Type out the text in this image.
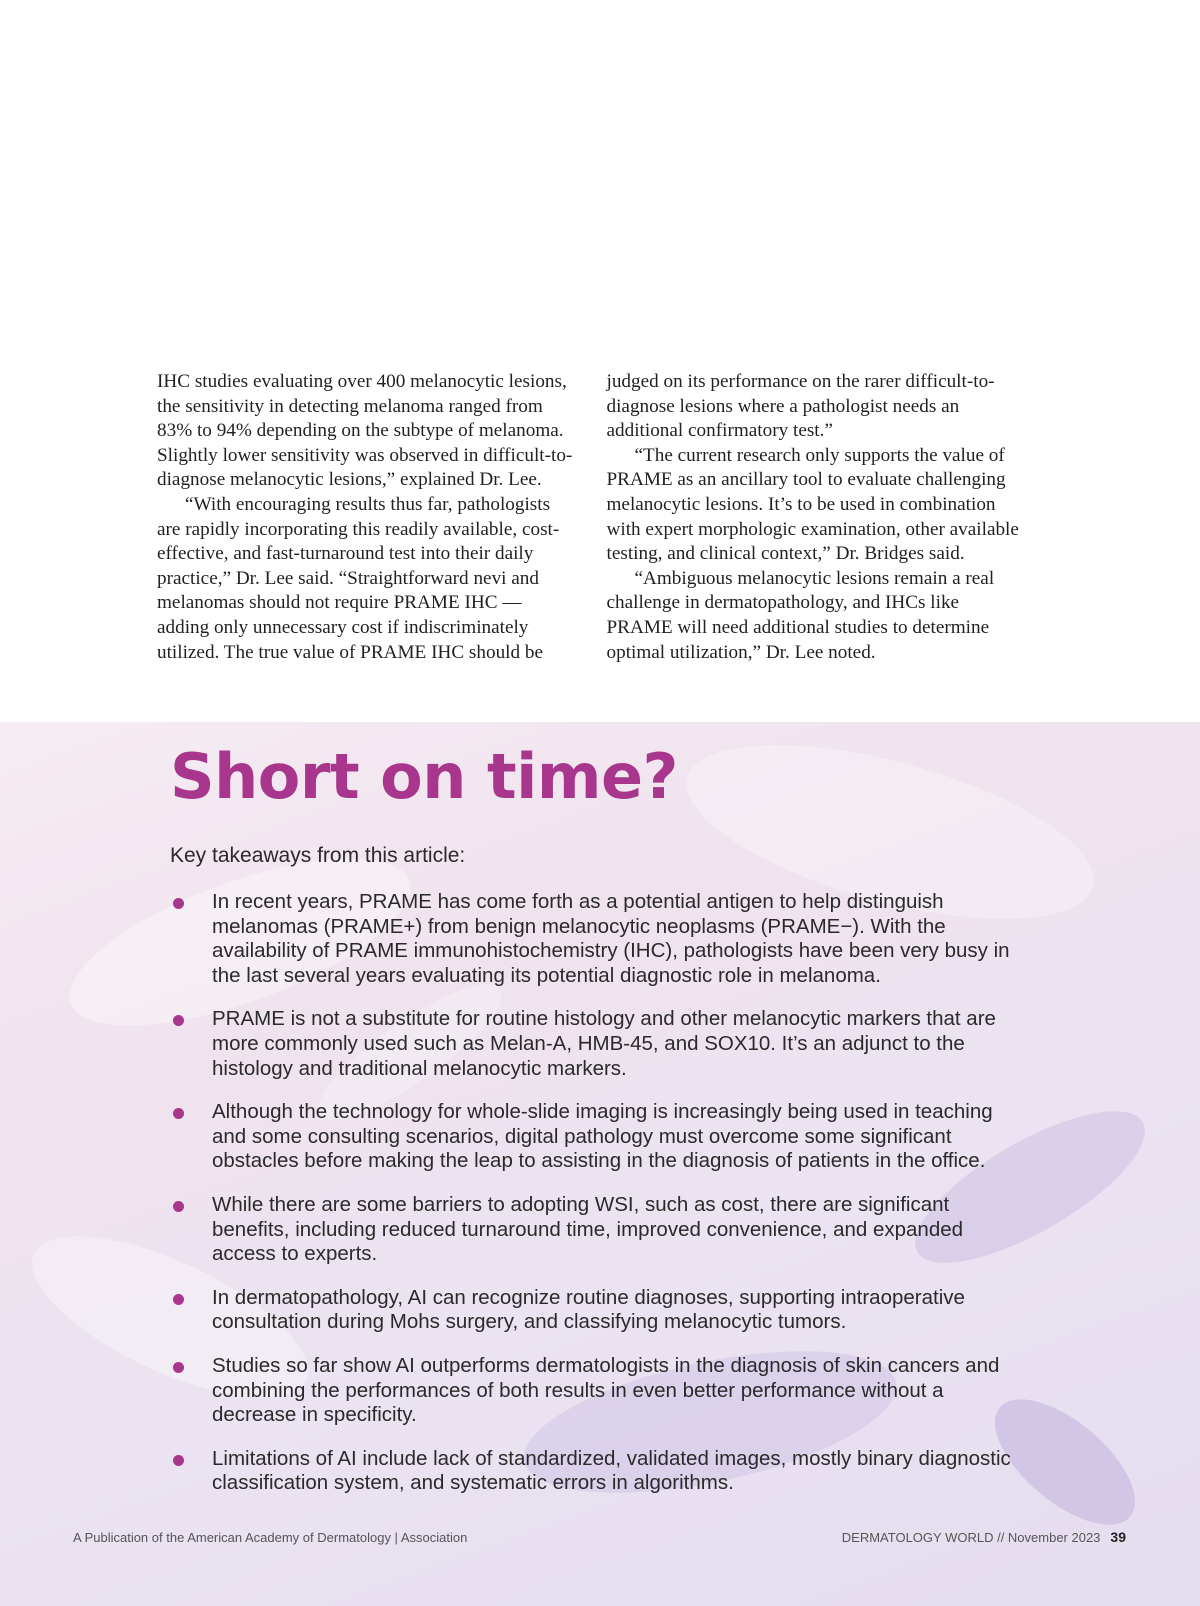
IHC studies evaluating over 400 melanocytic lesions, the sensitivity in detecting melanoma ranged from 83% to 94% depending on the subtype of melanoma. Slightly lower sensitivity was observed in difficult-to-diagnose melanocytic lesions,” explained Dr. Lee.

“With encouraging results thus far, pathologists are rapidly incorporating this readily available, cost-effective, and fast-turnaround test into their daily practice,” Dr. Lee said. “Straightforward nevi and melanomas should not require PRAME IHC — adding only unnecessary cost if indiscriminately utilized. The true value of PRAME IHC should be

judged on its performance on the rarer difficult-to-diagnose lesions where a pathologist needs an additional confirmatory test.”

“The current research only supports the value of PRAME as an ancillary tool to evaluate challenging melanocytic lesions. It’s to be used in combination with expert morphologic examination, other available testing, and clinical context,” Dr. Bridges said.

“Ambiguous melanocytic lesions remain a real challenge in dermatopathology, and IHCs like PRAME will need additional studies to determine optimal utilization,” Dr. Lee noted.

Short on time?

Key takeaways from this article:

In recent years, PRAME has come forth as a potential antigen to help distinguish melanomas (PRAME+) from benign melanocytic neoplasms (PRAME−). With the availability of PRAME immunohistochemistry (IHC), pathologists have been very busy in the last several years evaluating its potential diagnostic role in melanoma.
PRAME is not a substitute for routine histology and other melanocytic markers that are more commonly used such as Melan-A, HMB-45, and SOX10. It’s an adjunct to the histology and traditional melanocytic markers.
Although the technology for whole-slide imaging is increasingly being used in teaching and some consulting scenarios, digital pathology must overcome some significant obstacles before making the leap to assisting in the diagnosis of patients in the office.
While there are some barriers to adopting WSI, such as cost, there are significant benefits, including reduced turnaround time, improved convenience, and expanded access to experts.
In dermatopathology, AI can recognize routine diagnoses, supporting intraoperative consultation during Mohs surgery, and classifying melanocytic tumors.
Studies so far show AI outperforms dermatologists in the diagnosis of skin cancers and combining the performances of both results in even better performance without a decrease in specificity.
Limitations of AI include lack of standardized, validated images, mostly binary diagnostic classification system, and systematic errors in algorithms.
A Publication of the American Academy of Dermatology | Association	DERMATOLOGY WORLD // November 2023 39
